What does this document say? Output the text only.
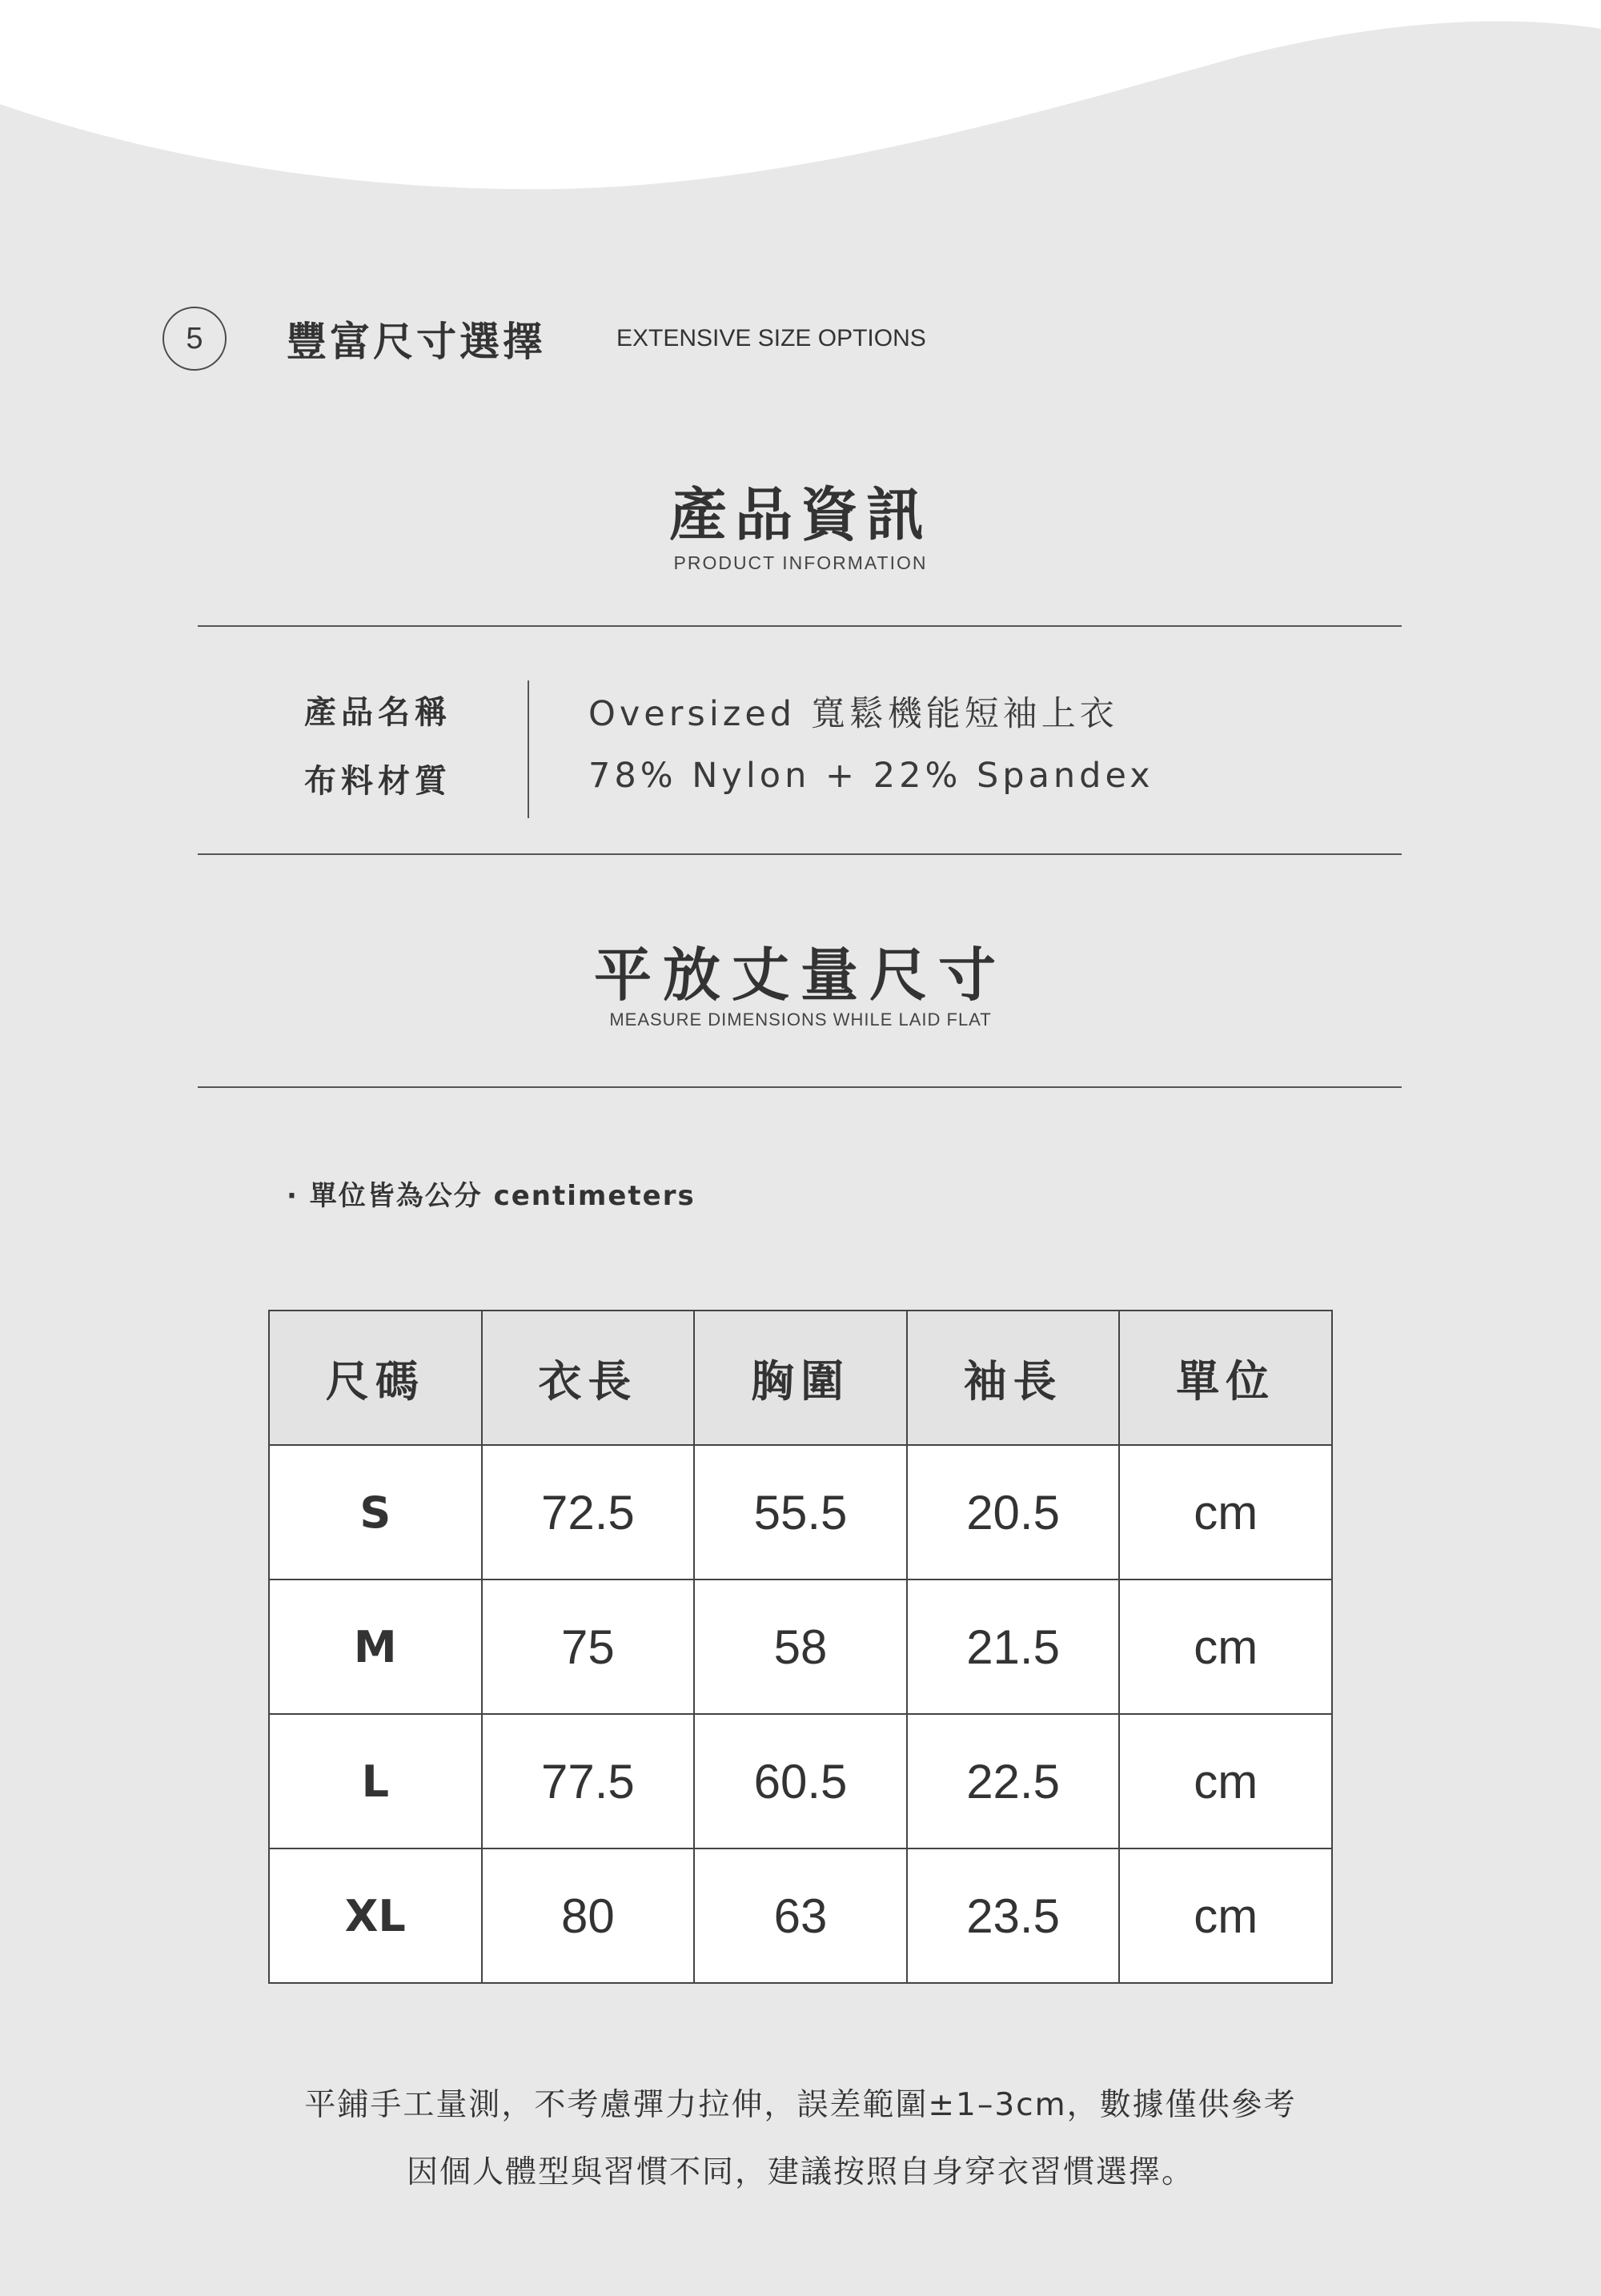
5	豐富尺寸選擇	EXTENSIVE SIZE OPTIONS
產品資訊
PRODUCT INFORMATION
產品名稱	Oversized 寬鬆機能短袖上衣
布料材質	78% Nylon + 22% Spandex
平放丈量尺寸
MEASURE DIMENSIONS WHILE LAID FLAT
· 單位皆為公分 centimeters
尺碼	衣長	胸圍	袖長	單位
S	72.5	55.5	20.5	cm
M	75	58	21.5	cm
L	77.5	60.5	22.5	cm
XL	80	63	23.5	cm
平鋪手工量測，不考慮彈力拉伸，誤差範圍±1–3cm，數據僅供參考
因個人體型與習慣不同，建議按照自身穿衣習慣選擇。
